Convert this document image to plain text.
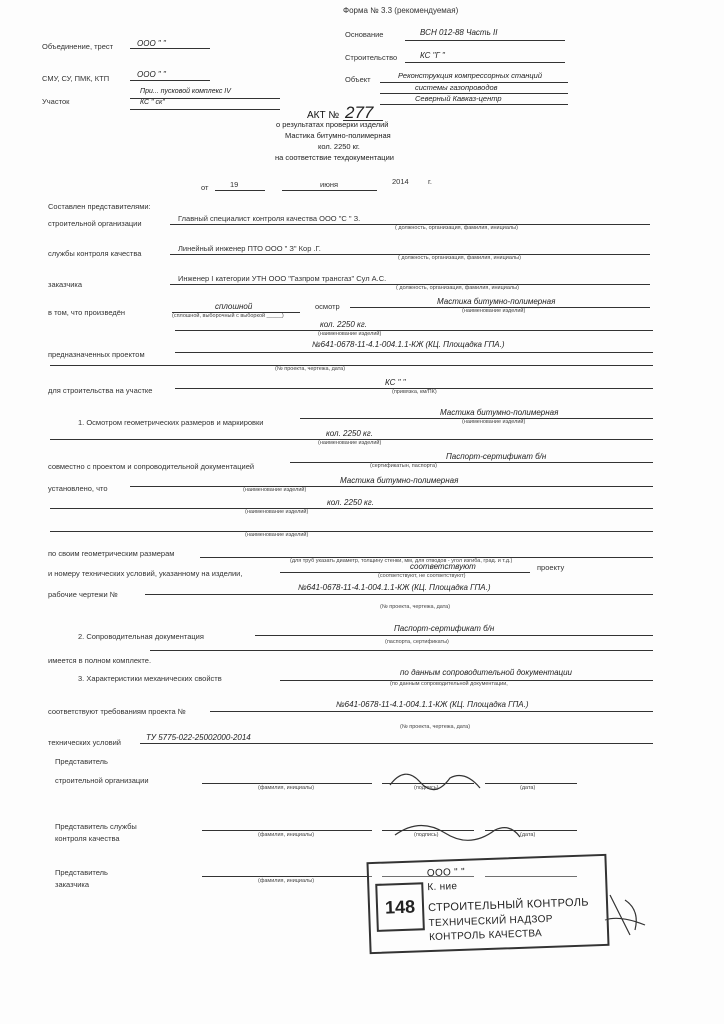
Форма № 3.3 (рекомендуемая)
Основание	ВСН 012-88 Часть II
Строительство	КС "Г "
Объект	Реконструкция компрессорных станций
системы газопроводов
Северный Кавказ-центр
Объединение, трест	ООО " "
СМУ, СУ, ПМК, КТП	ООО " "
Участок
При... пусковой комплекс IV
КС " ск"
АКТ № 277
о результатах проверки изделий
Мастика битумно-полимерная
кол. 2250 кг.
на соответствие техдокументации
от	19	июня	2014	г.
Составлен представителями:
строительной организации
Главный специалист контроля качества ООО "С " З.
( должность, организация, фамилия, инициалы)
службы контроля качества
Линейный инженер ПТО ООО " З" Кор .Г.
( должность, организация, фамилия, инициалы)
заказчика
Инженер I категории УТН ООО "Газпром трансгаз" Сул А.С.
( должность, организация, фамилия, инициалы)
в том, что произведён
сплошной
(сплошной, выборочный с выборкой _____)
осмотр
Мастика битумно-полимерная
(наименование изделий)
кол. 2250 кг.
(наименование изделий)
предназначенных проектом
№641-0678-11-4.1-004.1.1-КЖ (КЦ. Площадка ГПА.)
(№ проекта, чертежа, дата)
для строительства на участке
КС " "
(привязка, км/ПК)
1. Осмотром геометрических размеров и маркировки
Мастика битумно-полимерная
(наименование изделий)
кол. 2250 кг.
(наименование изделий)
совместно с проектом и сопроводительной документацией
Паспорт-сертификат б/н
(сертификатын, паспорта)
установлено, что
Мастика битумно-полимерная
(наименование изделий)
кол. 2250 кг.
(наименование изделий)
(наименование изделий)
по своим геометрическим размерам
(для труб указать диаметр, толщину стенки, мм, для отводов - угол изгиба, град. и т.д.)
и номеру технических условий, указанному на изделии,
соответствуют
(соответствуют, не соответствуют)
проекту
рабочие чертежи №
№641-0678-11-4.1-004.1.1-КЖ (КЦ. Площадка ГПА.)
(№ проекта, чертежа, дата)
2. Сопроводительная документация
Паспорт-сертификат б/н
(паспорта, сертификаты)
имеется в полном комплекте.
3. Характеристики механических свойств
по данным сопроводительной документации
(по данным сопроводительной документации,
соответствуют требованиям проекта №
№641-0678-11-4.1-004.1.1-КЖ (КЦ. Площадка ГПА.)
(№ проекта, чертежа, дата)
технических условий
ТУ 5775-022-25002000-2014
Представитель
строительной организации
(фамилия, инициалы)	(подпись)	(дата)
Представитель службы
контроля качества	(фамилия, инициалы)	(подпись)	(дата)
Представитель
заказчика	(фамилия, инициалы)
148
ООО " "
К. ние
СТРОИТЕЛЬНЫЙ КОНТРОЛЬ
ТЕХНИЧЕСКИЙ НАДЗОР
КОНТРОЛЬ КАЧЕСТВА
